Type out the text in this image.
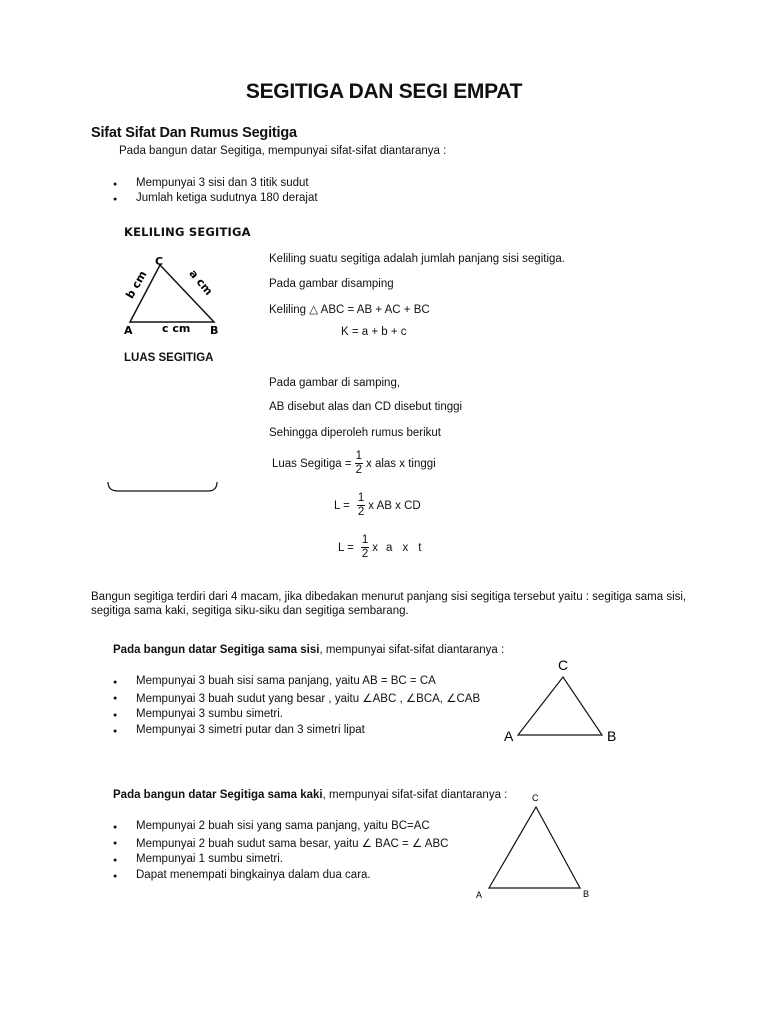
SEGITIGA DAN SEGI EMPAT
Sifat Sifat Dan Rumus Segitiga
Pada bangun datar Segitiga, mempunyai sifat-sifat diantaranya :
● Mempunyai 3 sisi dan 3 titik sudut
● Jumlah ketiga sudutnya 180 derajat
KELILING SEGITIGA
C
A	B
c cm
b cm	a cm
Keliling suatu segitiga adalah jumlah panjang sisi segitiga.
Pada gambar disamping
Keliling △ ABC = AB + AC + BC
K = a + b + c
LUAS SEGITIGA
Pada gambar di samping,
AB disebut alas dan CD disebut tinggi
Sehingga diperoleh rumus berikut
Luas Segitiga = $\frac{1}{2}$ x alas x tinggi
$L = \frac{1}{2}$ x AB x CD
$L = \frac{1}{2}$ x a x t
Bangun segitiga terdiri dari 4 macam, jika dibedakan menurut panjang sisi segitiga tersebut yaitu : segitiga sama sisi, segitiga sama kaki, segitiga siku-siku dan segitiga sembarang.
Pada bangun datar Segitiga sama sisi, mempunyai sifat-sifat diantaranya :
● Mempunyai 3 buah sisi sama panjang, yaitu AB = BC = CA
● Mempunyai 3 buah sudut yang besar , yaitu ∠ABC , ∠BCA, ∠CAB
● Mempunyai 3 sumbu simetri.
● Mempunyai 3 simetri putar dan 3 simetri lipat
C
A	B
Pada bangun datar Segitiga sama kaki, mempunyai sifat-sifat diantaranya :
● Mempunyai 2 buah sisi yang sama panjang, yaitu BC=AC
● Mempunyai 2 buah sudut sama besar, yaitu ∠ BAC = ∠ ABC
● Mempunyai 1 sumbu simetri.
● Dapat menempati bingkainya dalam dua cara.
C
A	B
